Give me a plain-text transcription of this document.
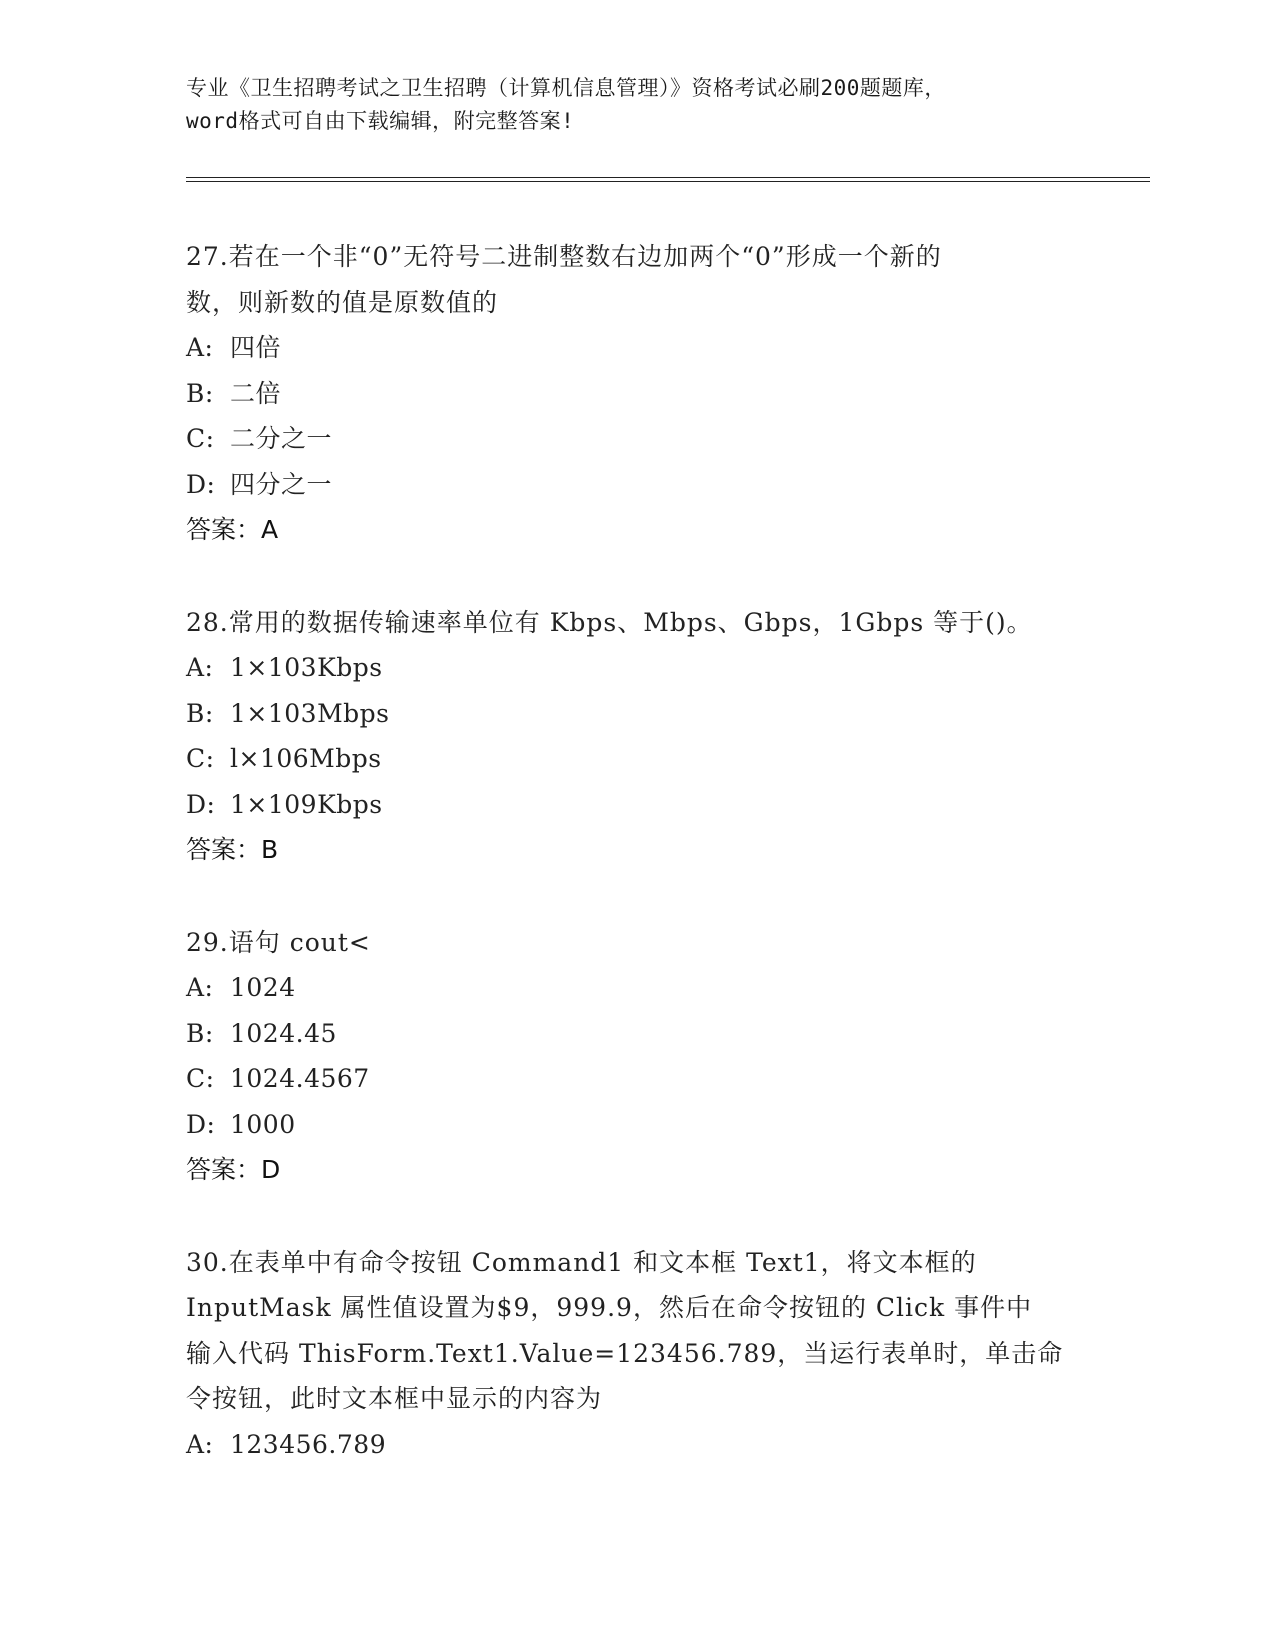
专业《卫生招聘考试之卫生招聘（计算机信息管理）》资格考试必刷200题题库，
word格式可自由下载编辑，附完整答案!
27.若在一个非“0”无符号二进制整数右边加两个“0”形成一个新的
数，则新数的值是原数值的
A: 四倍
B: 二倍
C: 二分之一
D: 四分之一
答案：A
28.常用的数据传输速率单位有 Kbps、Mbps、Gbps，1Gbps 等于()。
A: 1×103Kbps
B: 1×103Mbps
C: l×106Mbps
D: 1×109Kbps
答案：B
29.语句 cout<
A: 1024
B: 1024.45
C: 1024.4567
D: 1000
答案：D
30.在表单中有命令按钮 Command1 和文本框 Text1，将文本框的
InputMask 属性值设置为$9，999.9，然后在命令按钮的 Click 事件中
输入代码 ThisForm.Text1.Value=123456.789，当运行表单时，单击命
令按钮，此时文本框中显示的内容为
A: 123456.789
